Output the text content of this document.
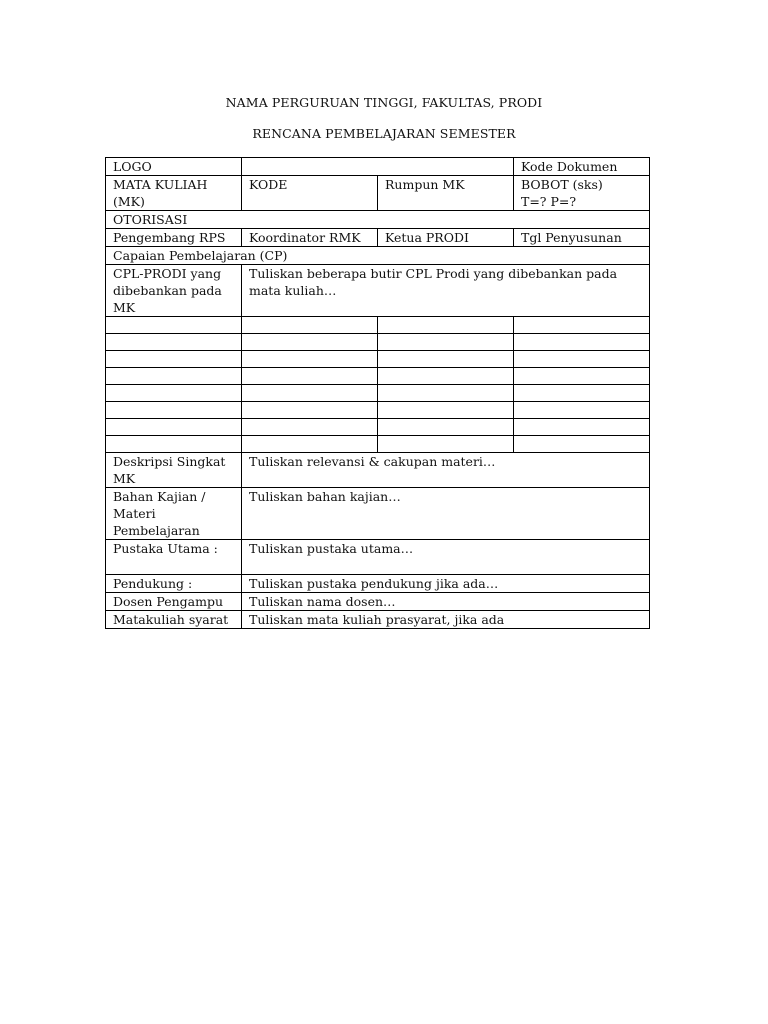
NAMA PERGURUAN TINGGI, FAKULTAS, PRODI
RENCANA PEMBELAJARAN SEMESTER
LOGO			Kode Dokumen
MATA KULIAH (MK)	KODE	Rumpun MK	BOBOT (sks)
T=? P=?

OTORISASI			
Pengembang RPS	Koordinator RMK	Ketua PRODI	Tgl Penyusunan
Capaian Pembelajaran (CP)			
CPL-PRODI yang dibebankan pada MK	Tuliskan beberapa butir CPL Prodi yang dibebankan pada mata kuliah…		

Deskripsi Singkat MK	Tuliskan relevansi & cakupan materi…		
Bahan Kajian / Materi Pembelajaran	Tuliskan bahan kajian…		
Pustaka Utama :	Tuliskan pustaka utama…		
Pendukung :	Tuliskan pustaka pendukung jika ada…		
Dosen Pengampu	Tuliskan nama dosen…		
Matakuliah syarat	Tuliskan mata kuliah prasyarat, jika ada		
